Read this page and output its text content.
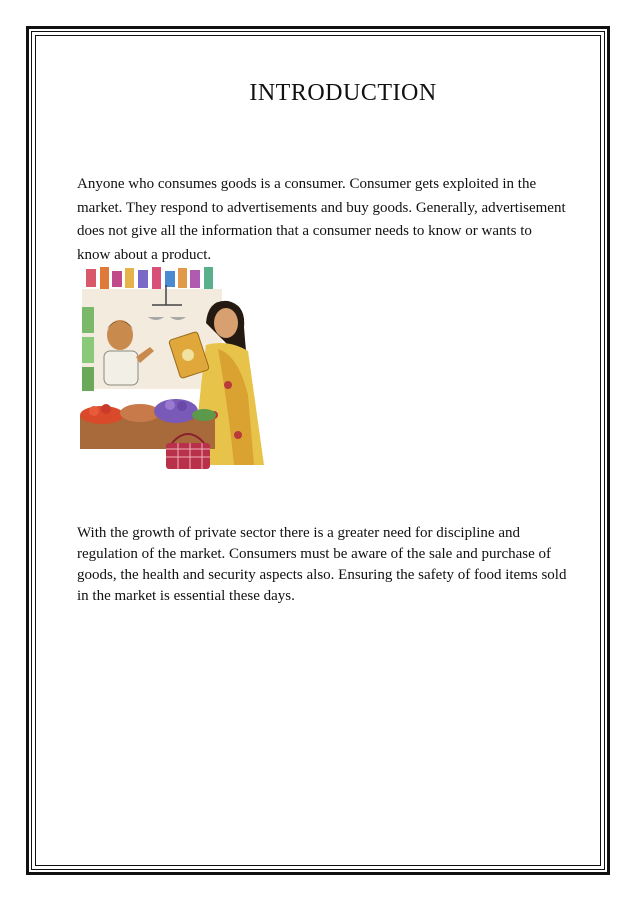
INTRODUCTION

Anyone who consumes goods is a consumer. Consumer gets exploited in the market. They respond to advertisements and buy goods. Generally, advertisement does not give all the information that a consumer needs to know or wants to know about a product.

With the growth of private sector there is a greater need for discipline and regulation of the market. Consumers must be aware of the sale and purchase of goods, the health and security aspects also. Ensuring the safety of food items sold in the market is essential these days.
